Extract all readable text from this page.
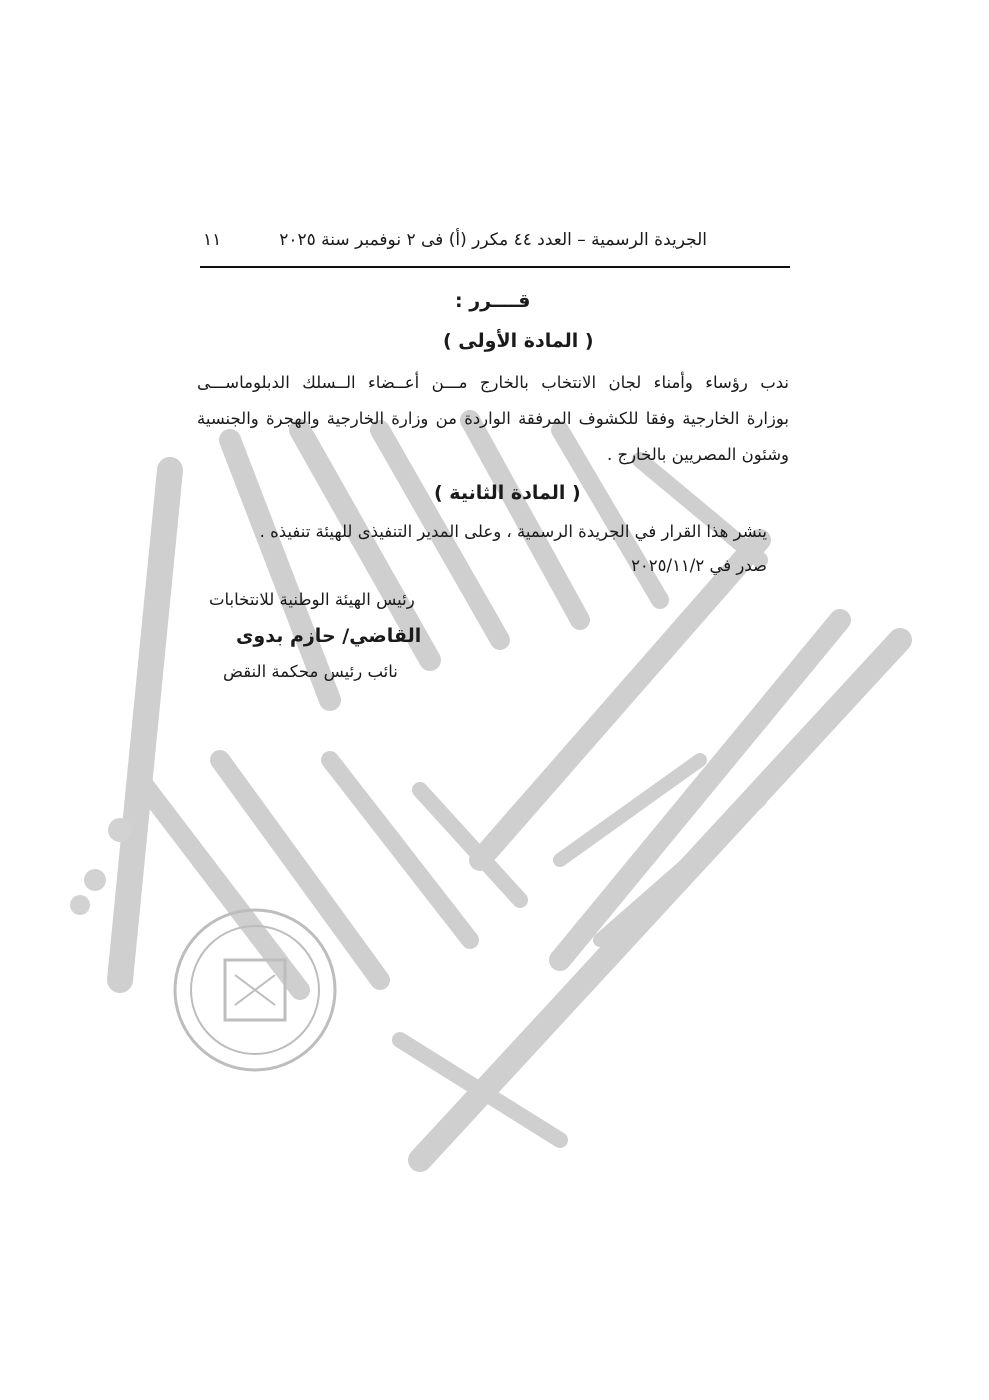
الجريدة الرسمية – العدد ٤٤ مكرر (أ) فى ٢ نوفمبر سنة ٢٠٢٥
١١
قــــرر :
( المادة الأولى )
ندب رؤساء وأمناء لجان الانتخاب بالخارج مـــن أعــضاء الــسلك الدبلوماســـى
بوزارة الخارجية وفقا للكشوف المرفقة الواردة من وزارة الخارجية والهجرة والجنسية
وشئون المصريين بالخارج .
( المادة الثانية )
ينشر هذا القرار في الجريدة الرسمية ، وعلى المدير التنفيذى للهيئة تنفيذه .
صدر في ٢٠٢٥/١١/٢
رئيس الهيئة الوطنية للانتخابات
القاضي/ حازم بدوى
نائب رئيس محكمة النقض
